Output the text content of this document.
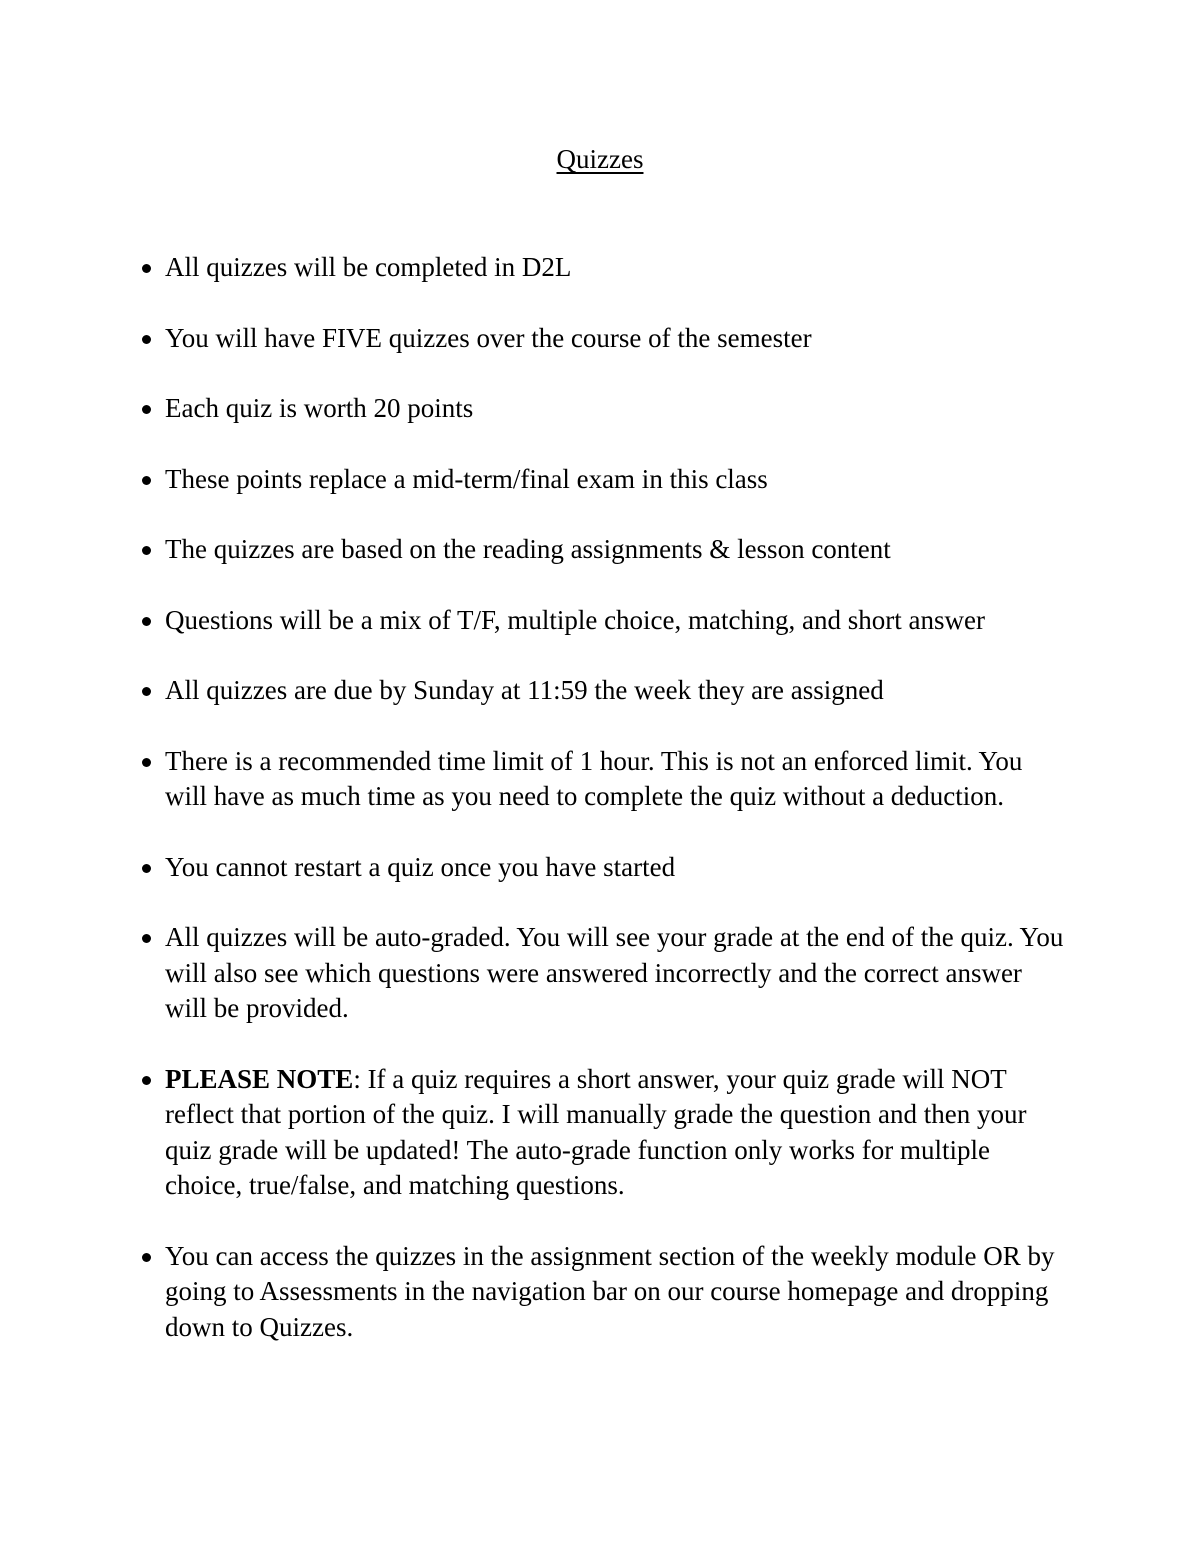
Quizzes
All quizzes will be completed in D2L
You will have FIVE quizzes over the course of the semester
Each quiz is worth 20 points
These points replace a mid-term/final exam in this class
The quizzes are based on the reading assignments & lesson content
Questions will be a mix of T/F, multiple choice, matching, and short answer
All quizzes are due by Sunday at 11:59 the week they are assigned
There is a recommended time limit of 1 hour. This is not an enforced limit. You will have as much time as you need to complete the quiz without a deduction.
You cannot restart a quiz once you have started
All quizzes will be auto-graded. You will see your grade at the end of the quiz. You will also see which questions were answered incorrectly and the correct answer will be provided.
PLEASE NOTE: If a quiz requires a short answer, your quiz grade will NOT reflect that portion of the quiz. I will manually grade the question and then your quiz grade will be updated! The auto-grade function only works for multiple choice, true/false, and matching questions.
You can access the quizzes in the assignment section of the weekly module OR by going to Assessments in the navigation bar on our course homepage and dropping down to Quizzes.
